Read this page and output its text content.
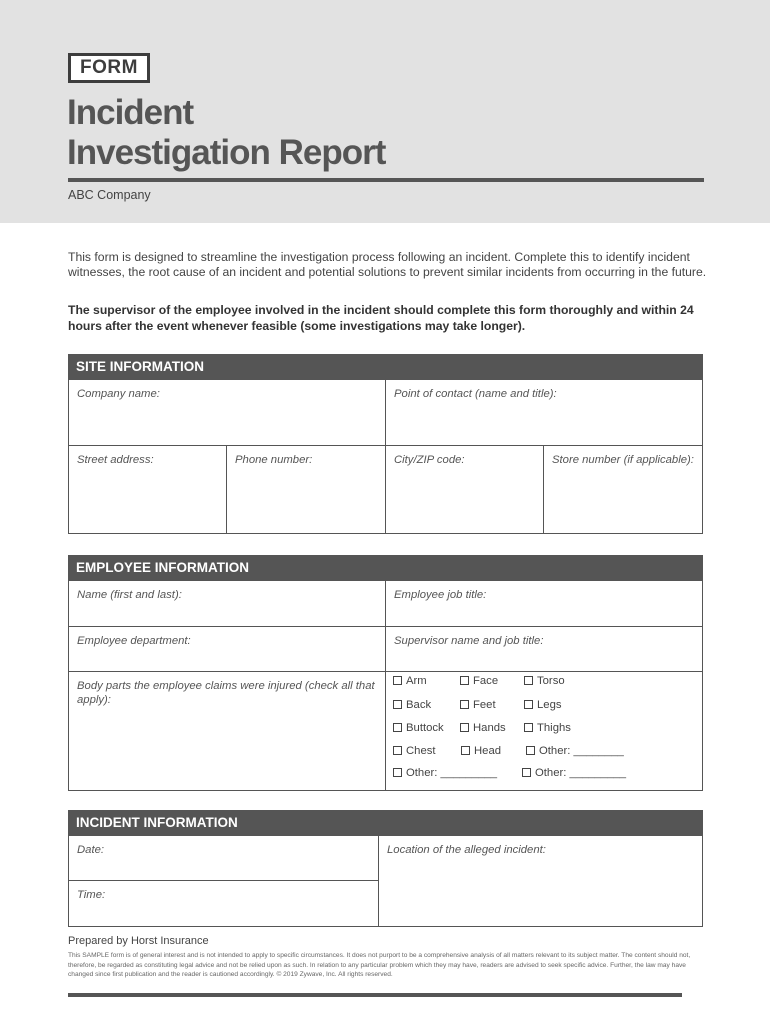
FORM
Incident
Investigation Report
ABC Company
This form is designed to streamline the investigation process following an incident. Complete this to identify incident witnesses, the root cause of an incident and potential solutions to prevent similar incidents from occurring in the future.
The supervisor of the employee involved in the incident should complete this form thoroughly and within 24 hours after the event whenever feasible (some investigations may take longer).
SITE INFORMATION
Company name:	Point of contact (name and title):
Street address:	Phone number:	City/ZIP code:	Store number (if applicable):
EMPLOYEE INFORMATION
Name (first and last):	Employee job title:
Employee department:	Supervisor name and job title:
Body parts the employee claims were injured (check all that apply):
Arm	Face	Torso
Back	Feet	Legs
Buttock	Hands	Thighs
Chest	Head	Other: ________
Other: _________	Other: _________
INCIDENT INFORMATION
Date:	Location of the alleged incident:
Time:
Prepared by Horst Insurance
This SAMPLE form is of general interest and is not intended to apply to specific circumstances. It does not purport to be a comprehensive analysis of all matters relevant to its subject matter. The content should not, therefore, be regarded as constituting legal advice and not be relied upon as such. In relation to any particular problem which they may have, readers are advised to seek specific advice. Further, the law may have changed since first publication and the reader is cautioned accordingly. © 2019 Zywave, Inc. All rights reserved.
